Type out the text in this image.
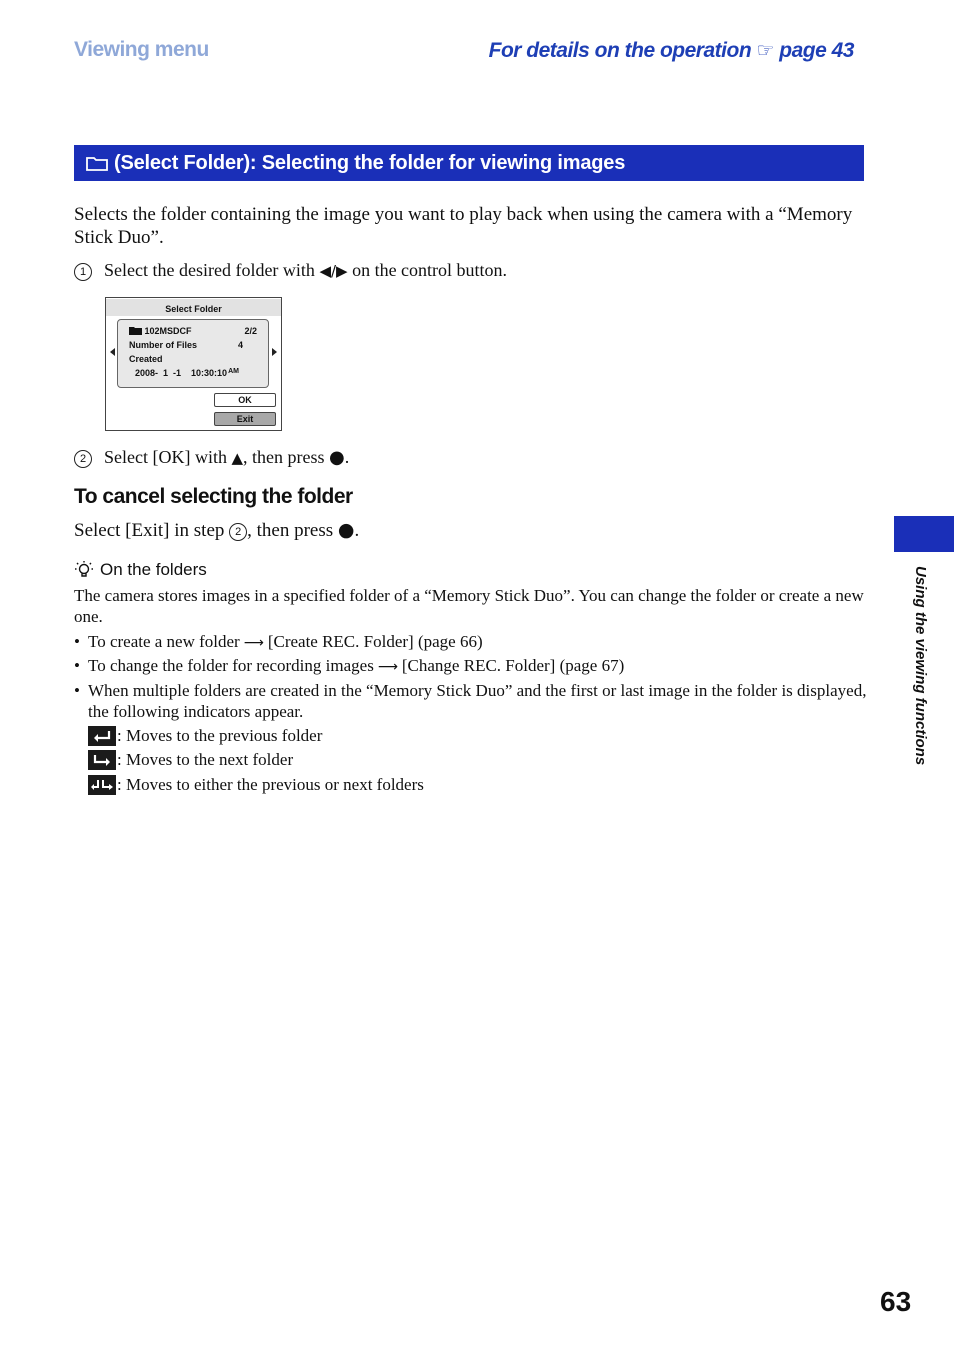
Viewing menu	For details on the operation ☞ page 43
(Select Folder): Selecting the folder for viewing images
Selects the folder containing the image you want to play back when using the camera with a “Memory Stick Duo”.
1 Select the desired folder with ◀/▶ on the control button.
Select Folder
102MSDCF	2/2
Number of Files	4
Created
2008-  1  -1 10:30:10 AM
OK
Exit
2 Select [OK] with ▲, then press ●.
To cancel selecting the folder
Select [Exit] in step 2 , then press ●.
On the folders
The camera stores images in a specified folder of a “Memory Stick Duo”. You can change the folder or create a new one.
• To create a new folder ⟶ [Create REC. Folder] (page 66)
• To change the folder for recording images ⟶ [Change REC. Folder] (page 67)
• When multiple folders are created in the “Memory Stick Duo” and the first or last image in the folder is displayed, the following indicators appear.
: Moves to the previous folder
: Moves to the next folder
: Moves to either the previous or next folders
Using the viewing functions
63
